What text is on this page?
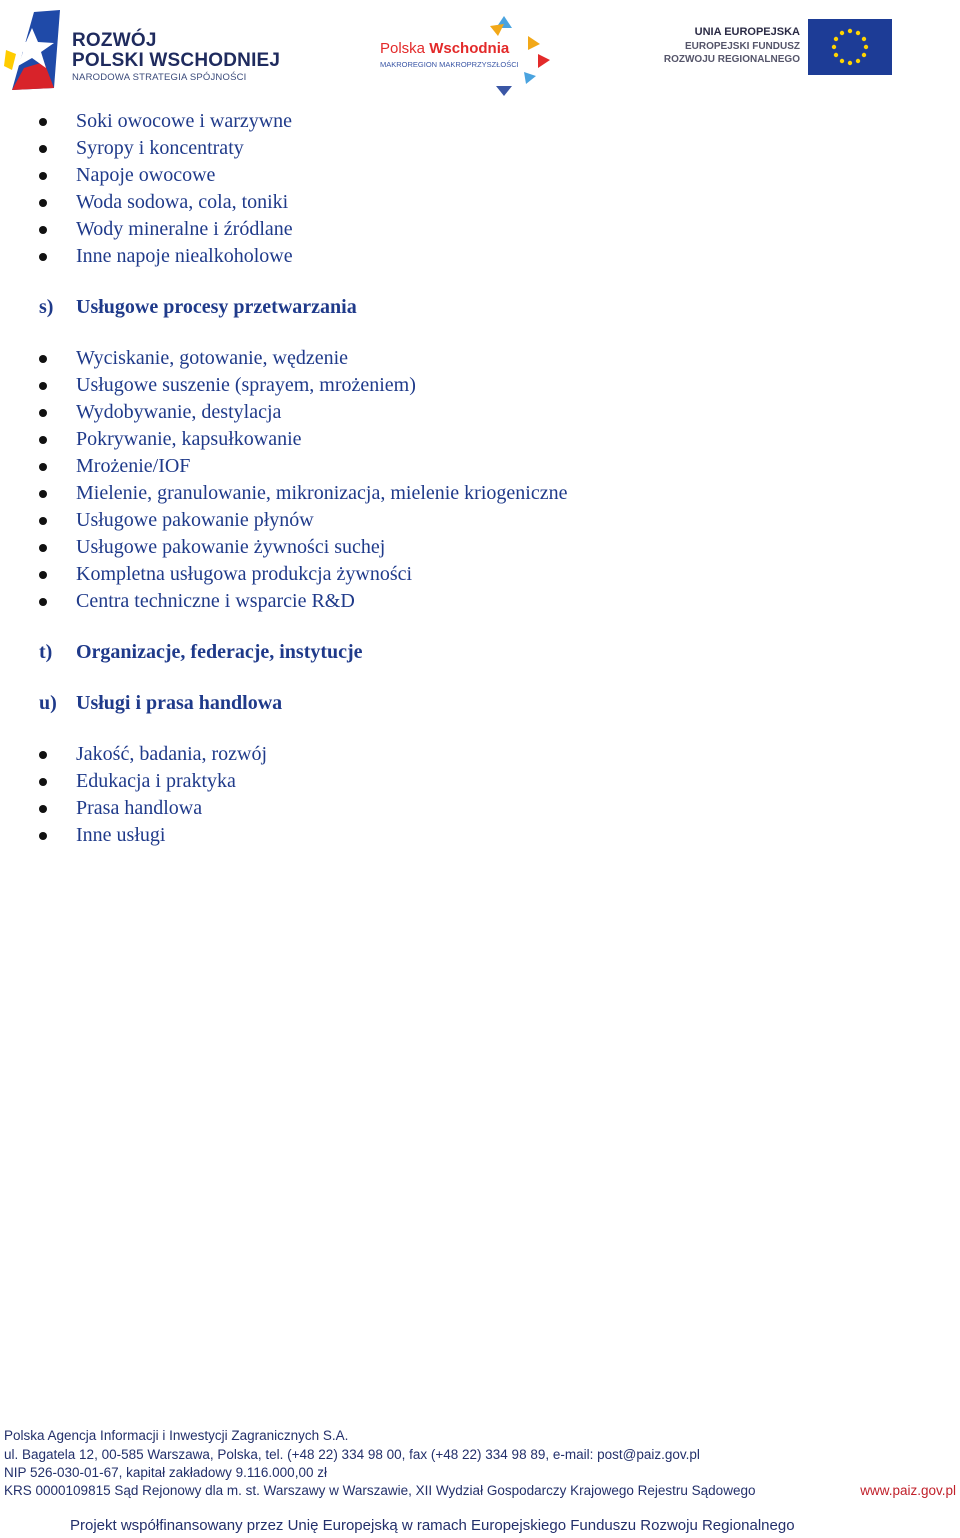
ROZWÓJ
POLSKI WSCHODNIEJ
NARODOWA STRATEGIA SPÓJNOŚCI
Polska Wschodnia
MAKROREGION MAKROPRZYSZŁOŚCI
UNIA EUROPEJSKA
EUROPEJSKI FUNDUSZ
ROZWOJU REGIONALNEGO
Soki owocowe i warzywne
Syropy i koncentraty
Napoje owocowe
Woda sodowa, cola, toniki
Wody mineralne i źródlane
Inne napoje niealkoholowe
s) Usługowe procesy przetwarzania
Wyciskanie, gotowanie, wędzenie
Usługowe suszenie (sprayem, mrożeniem)
Wydobywanie, destylacja
Pokrywanie, kapsułkowanie
Mrożenie/IOF
Mielenie, granulowanie, mikronizacja, mielenie kriogeniczne
Usługowe pakowanie płynów
Usługowe pakowanie żywności suchej
Kompletna usługowa produkcja żywności
Centra techniczne i wsparcie R&D
t) Organizacje, federacje, instytucje
u) Usługi i prasa handlowa
Jakość, badania, rozwój
Edukacja i praktyka
Prasa handlowa
Inne usługi
Polska Agencja Informacji i Inwestycji Zagranicznych S.A.
ul. Bagatela 12, 00-585 Warszawa, Polska, tel. (+48 22) 334 98 00, fax (+48 22) 334 98 89, e-mail: post@paiz.gov.pl
NIP 526-030-01-67, kapitał zakładowy 9.116.000,00 zł
KRS 0000109815 Sąd Rejonowy dla m. st. Warszawy w Warszawie, XII Wydział Gospodarczy Krajowego Rejestru Sądowego	www.paiz.gov.pl
Projekt współfinansowany przez Unię Europejską w ramach Europejskiego Funduszu Rozwoju Regionalnego
